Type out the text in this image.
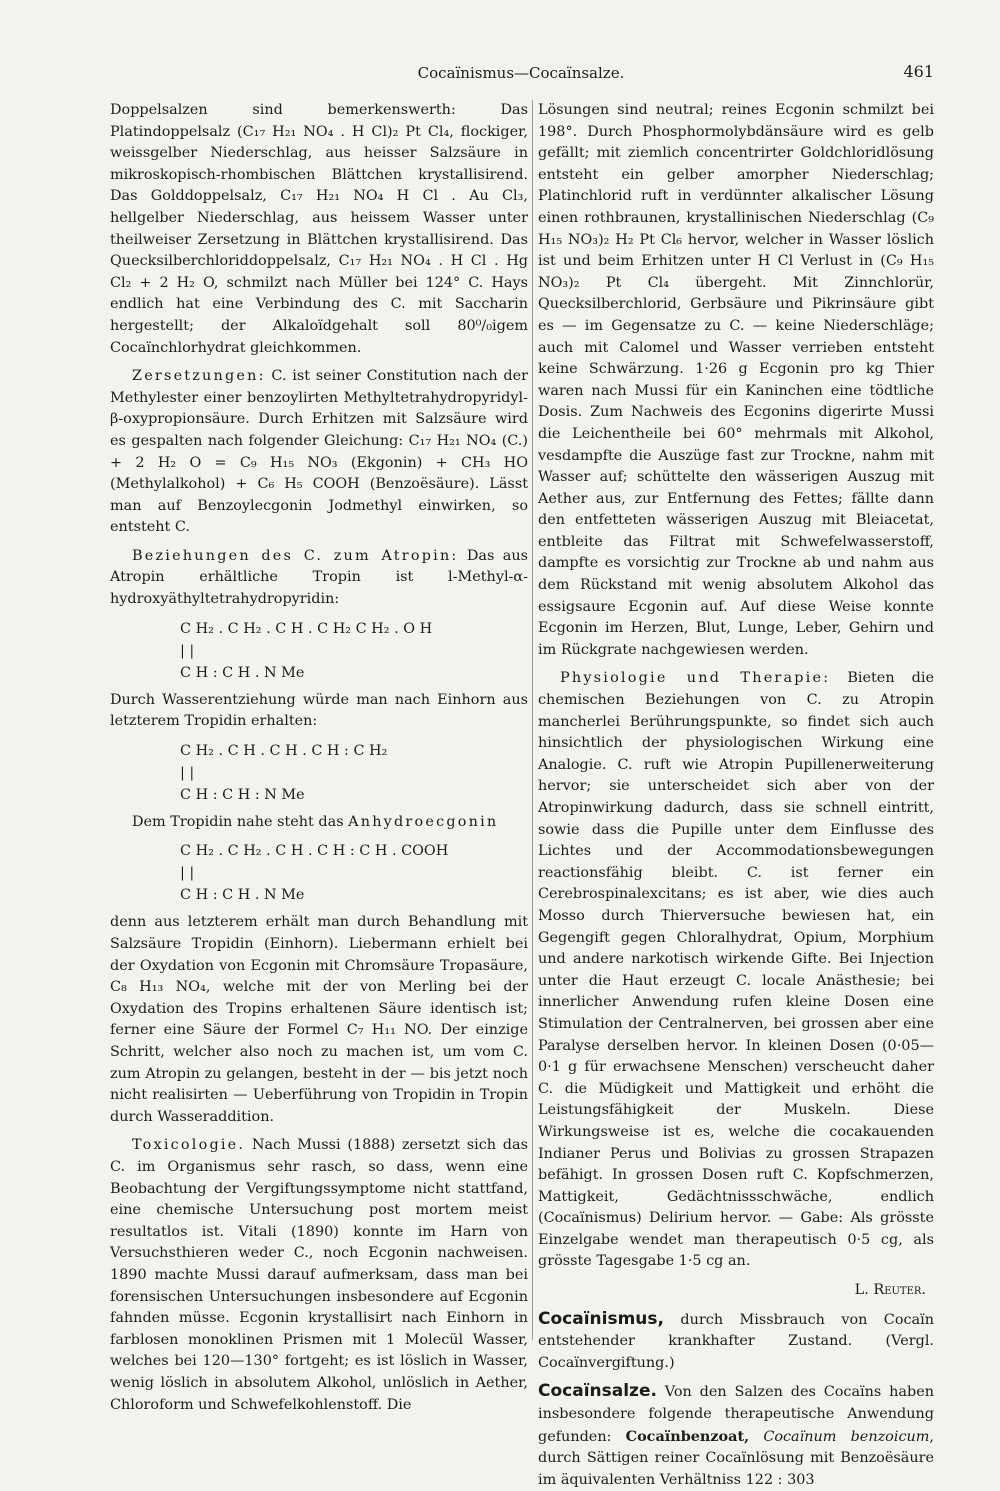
Cocaïnismus—Cocaïnsalze.	461

Doppelsalzen sind bemerkenswerth: Das Platindoppelsalz (C₁₇ H₂₁ NO₄ . H Cl)₂ Pt Cl₄, flockiger, weissgelber Niederschlag, aus heisser Salzsäure in mikroskopisch-rhombischen Blättchen krystallisirend. Das Golddoppelsalz, C₁₇ H₂₁ NO₄ H Cl . Au Cl₃, hellgelber Niederschlag, aus heissem Wasser unter theilweiser Zersetzung in Blättchen krystallisirend. Das Quecksilberchloriddoppelsalz, C₁₇ H₂₁ NO₄ . H Cl . Hg Cl₂ + 2 H₂ O, schmilzt nach Müller bei 124° C. Hays endlich hat eine Verbindung des C. mit Saccharin hergestellt; der Alkaloïdgehalt soll 80⁰/₀igem Cocaïnchlorhydrat gleichkommen.

Zersetzungen: C. ist seiner Constitution nach der Methylester einer benzoylirten Methyltetrahydropyridyl-β-oxypropionsäure. Durch Erhitzen mit Salzsäure wird es gespalten nach folgender Gleichung: C₁₇ H₂₁ NO₄ (C.) + 2 H₂ O = C₉ H₁₅ NO₃ (Ekgonin) + CH₃ HO (Methylalkohol) + C₆ H₅ COOH (Benzoësäure). Lässt man auf Benzoylecgonin Jodmethyl einwirken, so entsteht C.

Beziehungen des C. zum Atropin: Das aus Atropin erhältliche Tropin ist l-Methyl-α-hydroxyäthyltetrahydropyridin:

C H₂ . C H₂ . C H . C H₂ C H₂ . O H
| |
C H : C H . N Me

Durch Wasserentziehung würde man nach Einhorn aus letzterem Tropidin erhalten:

C H₂ . C H . C H . C H : C H₂
| |
C H : C H : N Me

Dem Tropidin nahe steht das Anhydroecgonin

C H₂ . C H₂ . C H . C H : C H . COOH
| |
C H : C H . N Me

denn aus letzterem erhält man durch Behandlung mit Salzsäure Tropidin (Einhorn). Liebermann erhielt bei der Oxydation von Ecgonin mit Chromsäure Tropasäure, C₈ H₁₃ NO₄, welche mit der von Merling bei der Oxydation des Tropins erhaltenen Säure identisch ist; ferner eine Säure der Formel C₇ H₁₁ NO. Der einzige Schritt, welcher also noch zu machen ist, um vom C. zum Atropin zu gelangen, besteht in der — bis jetzt noch nicht realisirten — Ueberführung von Tropidin in Tropin durch Wasseraddition.

Toxicologie. Nach Mussi (1888) zersetzt sich das C. im Organismus sehr rasch, so dass, wenn eine Beobachtung der Vergiftungssymptome nicht stattfand, eine chemische Untersuchung post mortem meist resultatlos ist. Vitali (1890) konnte im Harn von Versuchsthieren weder C., noch Ecgonin nachweisen. 1890 machte Mussi darauf aufmerksam, dass man bei forensischen Untersuchungen insbesondere auf Ecgonin fahnden müsse. Ecgonin krystallisirt nach Einhorn in farblosen monoklinen Prismen mit 1 Molecül Wasser, welches bei 120—130° fortgeht; es ist löslich in Wasser, wenig löslich in absolutem Alkohol, unlöslich in Aether, Chloroform und Schwefelkohlenstoff. Die

Lösungen sind neutral; reines Ecgonin schmilzt bei 198°. Durch Phosphormolybdänsäure wird es gelb gefällt; mit ziemlich concentrirter Goldchloridlösung entsteht ein gelber amorpher Niederschlag; Platinchlorid ruft in verdünnter alkalischer Lösung einen rothbraunen, krystallinischen Niederschlag (C₉ H₁₅ NO₃)₂ H₂ Pt Cl₆ hervor, welcher in Wasser löslich ist und beim Erhitzen unter H Cl Verlust in (C₉ H₁₅ NO₃)₂ Pt Cl₄ übergeht. Mit Zinnchlorür, Quecksilberchlorid, Gerbsäure und Pikrinsäure gibt es — im Gegensatze zu C. — keine Niederschläge; auch mit Calomel und Wasser verrieben entsteht keine Schwärzung. 1·26 g Ecgonin pro kg Thier waren nach Mussi für ein Kaninchen eine tödtliche Dosis. Zum Nachweis des Ecgonins digerirte Mussi die Leichentheile bei 60° mehrmals mit Alkohol, vesdampfte die Auszüge fast zur Trockne, nahm mit Wasser auf; schüttelte den wässerigen Auszug mit Aether aus, zur Entfernung des Fettes; fällte dann den entfetteten wässerigen Auszug mit Bleiacetat, entbleite das Filtrat mit Schwefelwasserstoff, dampfte es vorsichtig zur Trockne ab und nahm aus dem Rückstand mit wenig absolutem Alkohol das essigsaure Ecgonin auf. Auf diese Weise konnte Ecgonin im Herzen, Blut, Lunge, Leber, Gehirn und im Rückgrate nachgewiesen werden.

Physiologie und Therapie: Bieten die chemischen Beziehungen von C. zu Atropin mancherlei Berührungspunkte, so findet sich auch hinsichtlich der physiologischen Wirkung eine Analogie. C. ruft wie Atropin Pupillenerweiterung hervor; sie unterscheidet sich aber von der Atropinwirkung dadurch, dass sie schnell eintritt, sowie dass die Pupille unter dem Einflusse des Lichtes und der Accommodationsbewegungen reactionsfähig bleibt. C. ist ferner ein Cerebrospinalexcitans; es ist aber, wie dies auch Mosso durch Thierversuche bewiesen hat, ein Gegengift gegen Chloralhydrat, Opium, Morphium und andere narkotisch wirkende Gifte. Bei Injection unter die Haut erzeugt C. locale Anästhesie; bei innerlicher Anwendung rufen kleine Dosen eine Stimulation der Centralnerven, bei grossen aber eine Paralyse derselben hervor. In kleinen Dosen (0·05—0·1 g für erwachsene Menschen) verscheucht daher C. die Müdigkeit und Mattigkeit und erhöht die Leistungsfähigkeit der Muskeln. Diese Wirkungsweise ist es, welche die cocakauenden Indianer Perus und Bolivias zu grossen Strapazen befähigt. In grossen Dosen ruft C. Kopfschmerzen, Mattigkeit, Gedächtnissschwäche, endlich (Cocaïnismus) Delirium hervor. — Gabe: Als grösste Einzelgabe wendet man therapeutisch 0·5 cg, als grösste Tagesgabe 1·5 cg an.

L. Reuter.

Cocaïnismus, durch Missbrauch von Cocaïn entstehender krankhafter Zustand. (Vergl. Cocaïnvergiftung.)

Cocaïnsalze. Von den Salzen des Cocaïns haben insbesondere folgende therapeutische Anwendung gefunden: Cocaïnbenzoat, Cocaïnum benzoicum, durch Sättigen reiner Cocaïnlösung mit Benzoësäure im äquivalenten Verhältniss 122 : 303
